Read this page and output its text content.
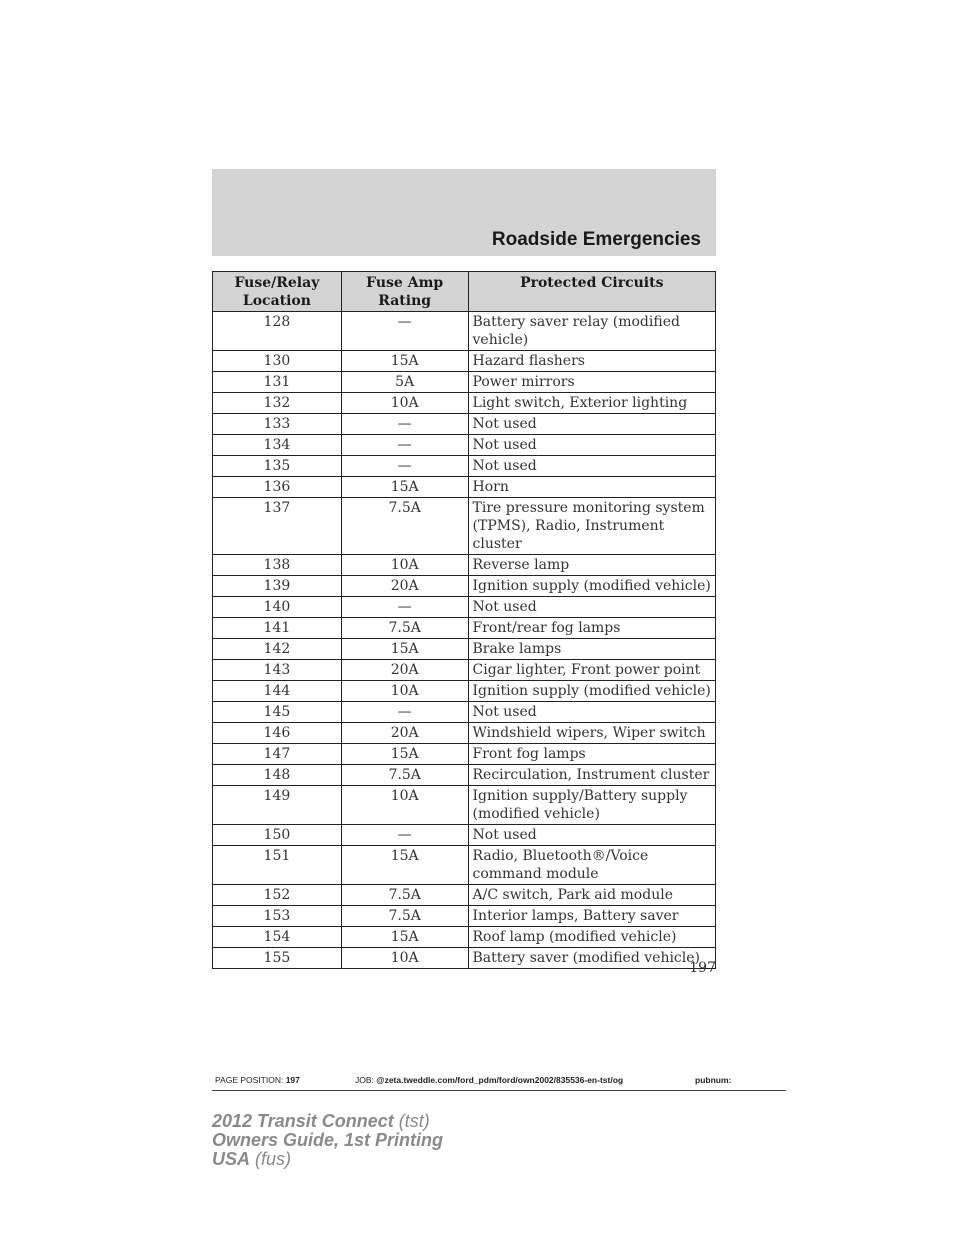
Roadside Emergencies
Fuse/Relay Location	Fuse Amp Rating	Protected Circuits
128	—	Battery saver relay (modified vehicle)
130	15A	Hazard flashers
131	5A	Power mirrors
132	10A	Light switch, Exterior lighting
133	—	Not used
134	—	Not used
135	—	Not used
136	15A	Horn
137	7.5A	Tire pressure monitoring system (TPMS), Radio, Instrument cluster
138	10A	Reverse lamp
139	20A	Ignition supply (modified vehicle)
140	—	Not used
141	7.5A	Front/rear fog lamps
142	15A	Brake lamps
143	20A	Cigar lighter, Front power point
144	10A	Ignition supply (modified vehicle)
145	—	Not used
146	20A	Windshield wipers, Wiper switch
147	15A	Front fog lamps
148	7.5A	Recirculation, Instrument cluster
149	10A	Ignition supply/Battery supply (modified vehicle)
150	—	Not used
151	15A	Radio, Bluetooth®/Voice command module
152	7.5A	A/C switch, Park aid module
153	7.5A	Interior lamps, Battery saver
154	15A	Roof lamp (modified vehicle)
155	10A	Battery saver (modified vehicle)
197
PAGE POSITION: 197	JOB: @zeta.tweddle.com/ford_pdm/ford/own2002/835536-en-tst/og	pubnum:
2012 Transit Connect (tst)
Owners Guide, 1st Printing
USA (fus)
